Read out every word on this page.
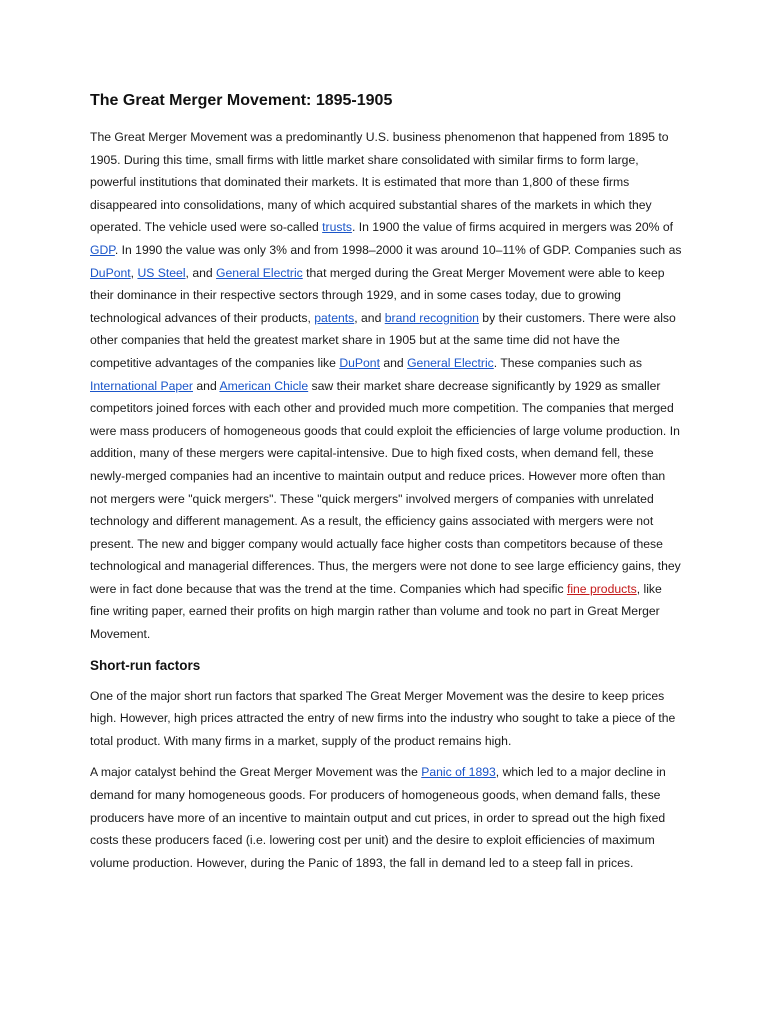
The Great Merger Movement: 1895-1905

The Great Merger Movement was a predominantly U.S. business phenomenon that happened from 1895 to 1905. During this time, small firms with little market share consolidated with similar firms to form large, powerful institutions that dominated their markets. It is estimated that more than 1,800 of these firms disappeared into consolidations, many of which acquired substantial shares of the markets in which they operated. The vehicle used were so-called trusts. In 1900 the value of firms acquired in mergers was 20% of GDP. In 1990 the value was only 3% and from 1998–2000 it was around 10–11% of GDP. Companies such as DuPont, US Steel, and General Electric that merged during the Great Merger Movement were able to keep their dominance in their respective sectors through 1929, and in some cases today, due to growing technological advances of their products, patents, and brand recognition by their customers. There were also other companies that held the greatest market share in 1905 but at the same time did not have the competitive advantages of the companies like DuPont and General Electric. These companies such as International Paper and American Chicle saw their market share decrease significantly by 1929 as smaller competitors joined forces with each other and provided much more competition. The companies that merged were mass producers of homogeneous goods that could exploit the efficiencies of large volume production. In addition, many of these mergers were capital-intensive. Due to high fixed costs, when demand fell, these newly-merged companies had an incentive to maintain output and reduce prices. However more often than not mergers were "quick mergers". These "quick mergers" involved mergers of companies with unrelated technology and different management. As a result, the efficiency gains associated with mergers were not present. The new and bigger company would actually face higher costs than competitors because of these technological and managerial differences. Thus, the mergers were not done to see large efficiency gains, they were in fact done because that was the trend at the time. Companies which had specific fine products, like fine writing paper, earned their profits on high margin rather than volume and took no part in Great Merger Movement.

Short-run factors

One of the major short run factors that sparked The Great Merger Movement was the desire to keep prices high. However, high prices attracted the entry of new firms into the industry who sought to take a piece of the total product. With many firms in a market, supply of the product remains high.

A major catalyst behind the Great Merger Movement was the Panic of 1893, which led to a major decline in demand for many homogeneous goods. For producers of homogeneous goods, when demand falls, these producers have more of an incentive to maintain output and cut prices, in order to spread out the high fixed costs these producers faced (i.e. lowering cost per unit) and the desire to exploit efficiencies of maximum volume production. However, during the Panic of 1893, the fall in demand led to a steep fall in prices.
